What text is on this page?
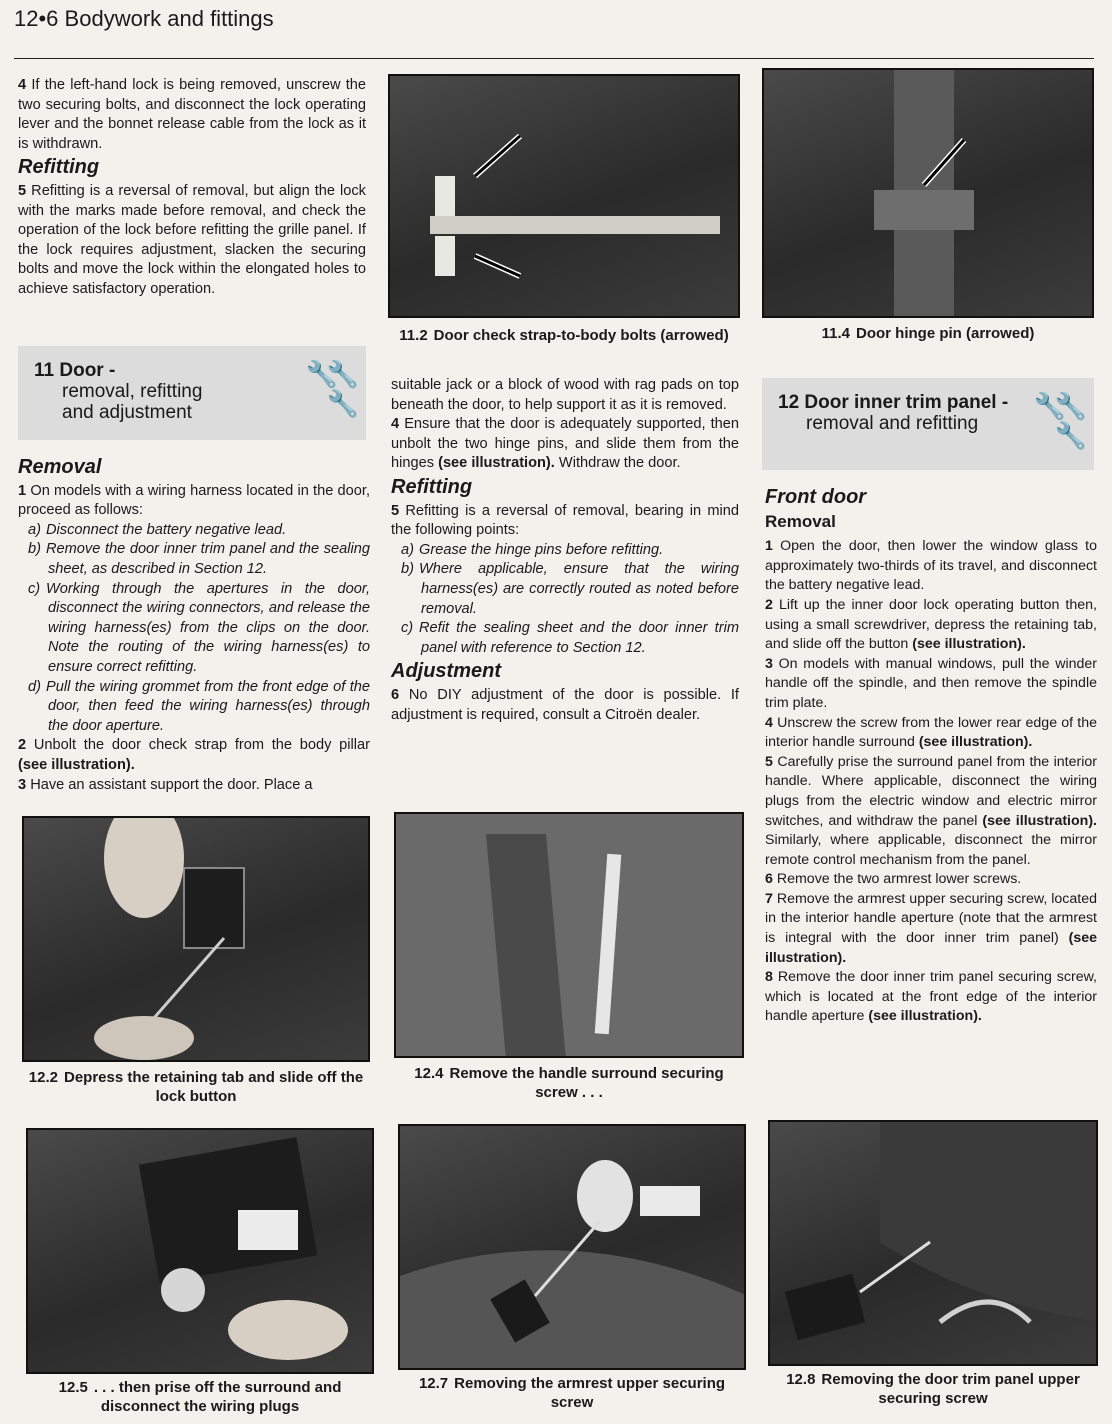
12•6 Bodywork and fittings

4 If the left-hand lock is being removed, unscrew the two securing bolts, and disconnect the lock operating lever and the bonnet release cable from the lock as it is withdrawn.

Refitting

5 Refitting is a reversal of removal, but align the lock with the marks made before removal, and check the operation of the lock before refitting the grille panel. If the lock requires adjustment, slacken the securing bolts and move the lock within the elongated holes to achieve satisfactory operation.

11 Door -
removal, refitting
and adjustment	🔧🔧🔧
Removal

1 On models with a wiring harness located in the door, proceed as follows:

a) Disconnect the battery negative lead.

b) Remove the door inner trim panel and the sealing sheet, as described in Section 12.

c) Working through the apertures in the door, disconnect the wiring connectors, and release the wiring harness(es) from the clips on the door. Note the routing of the wiring harness(es) to ensure correct refitting.

d) Pull the wiring grommet from the front edge of the door, then feed the wiring harness(es) through the door aperture.

2 Unbolt the door check strap from the body pillar (see illustration).

3 Have an assistant support the door. Place a

11.2 Door check strap-to-body bolts (arrowed)	11.4 Door hinge pin (arrowed)

suitable jack or a block of wood with rag pads on top beneath the door, to help support it as it is removed.

4 Ensure that the door is adequately supported, then unbolt the two hinge pins, and slide them from the hinges (see illustration). Withdraw the door.

Refitting

5 Refitting is a reversal of removal, bearing in mind the following points:

a) Grease the hinge pins before refitting.

b) Where applicable, ensure that the wiring harness(es) are correctly routed as noted before removal.

c) Refit the sealing sheet and the door inner trim panel with reference to Section 12.

Adjustment

6 No DIY adjustment of the door is possible. If adjustment is required, consult a Citroën dealer.

12 Door inner trim panel -
removal and refitting	🔧🔧🔧
Front door
Removal

1 Open the door, then lower the window glass to approximately two-thirds of its travel, and disconnect the battery negative lead.

2 Lift up the inner door lock operating button then, using a small screwdriver, depress the retaining tab, and slide off the button (see illustration).

3 On models with manual windows, pull the winder handle off the spindle, and then remove the spindle trim plate.

4 Unscrew the screw from the lower rear edge of the interior handle surround (see illustration).

5 Carefully prise the surround panel from the interior handle. Where applicable, disconnect the wiring plugs from the electric window and electric mirror switches, and withdraw the panel (see illustration). Similarly, where applicable, disconnect the mirror remote control mechanism from the panel.

6 Remove the two armrest lower screws.

7 Remove the armrest upper securing screw, located in the interior handle aperture (note that the armrest is integral with the door inner trim panel) (see illustration).

8 Remove the door inner trim panel securing screw, which is located at the front edge of the interior handle aperture (see illustration).

12.2 Depress the retaining tab and slide off the lock button
12.4 Remove the handle surround securing screw . . .
12.5 . . . then prise off the surround and disconnect the wiring plugs
12.7 Removing the armrest upper securing screw
12.8 Removing the door trim panel upper securing screw
